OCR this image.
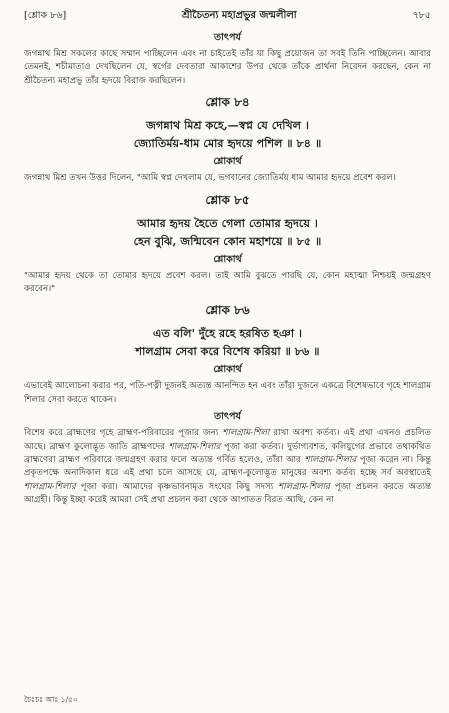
[শ্লোক ৮৬]	শ্রীচৈতন্য মহাপ্রভুর জন্মলীলা	৭৮৫
তাৎপর্য

জগন্নাথ মিশ্র সকলের কাছে সম্মান পাচ্ছিলেন এবং না চাইতেই তাঁর যা কিছু প্রয়োজন তা সবই তিনি পাচ্ছিলেন। আবার তেমনই, শচীমাতাও দেখছিলেন যে, স্বর্গের দেবতারা আকাশের উপর থেকে তাঁকে প্রার্থনা নিবেদন করছেন, কেন না শ্রীচৈতন্য মহাপ্রভু তাঁর হৃদয়ে বিরাজ করছিলেন।

শ্লোক ৮৪
জগন্নাথ মিশ্র কহে,—স্বপ্ন যে দেখিল ।
জ্যোতির্ময়-ধাম মোর হৃদয়ে পশিল ॥ ৮৪ ॥
শ্লোকার্থ

জগন্নাথ মিশ্র তখন উত্তর দিলেন, "আমি স্বপ্ন দেখলাম যে, ভগবানের জ্যোতির্ময় ধাম আমার হৃদয়ে প্রবেশ করল।

শ্লোক ৮৫
আমার হৃদয় হৈতে গেলা তোমার হৃদয়ে ।
হেন বুঝি, জন্মিবেন কোন মহাশয়ে ॥ ৮৫ ॥
শ্লোকার্থ

"আমার হৃদয় থেকে তা তোমার হৃদয়ে প্রবেশ করল। তাই আমি বুঝতে পারছি যে, কোন মহাত্মা নিশ্চয়ই জন্মগ্রহণ করবেন।"

শ্লোক ৮৬
এত বলি' দুঁহে রহে হরষিত হঞা ।
শালগ্রাম সেবা করে বিশেষ করিয়া ॥ ৮৬ ॥
শ্লোকার্থ

এভাবেই আলোচনা করার পর, পতি-পত্নী দুজনই অত্যন্ত আনন্দিত হন এবং তাঁরা দুজনে একত্রে বিশেষভাবে গৃহে শালগ্রাম শিলার সেবা করতে থাকেন।

তাৎপর্য

বিশেষ করে ব্রাহ্মণের গৃহে ব্রাহ্মণ-পরিবারের পূজার জন্য শালগ্রাম-শিলা রাখা অবশ্য কর্তব্য। এই প্রথা এখনও প্রচলিত আছে। ব্রাহ্মণ কুলোদ্ভূত জাতি ব্রাহ্মণদের শালগ্রাম-শিলার পূজা করা কর্তব্য। দুর্ভাগ্যবশত, কলিযুগের প্রভাবে তথাকথিত ব্রাহ্মণেরা ব্রাহ্মণ পরিবারে জন্মগ্রহণ করার ফলে অত্যন্ত গর্বিত হলেও, তাঁরা আর শালগ্রাম-শিলার পূজা করেন না। কিন্তু প্রকৃতপক্ষে অনাদিকাল ধরে এই প্রথা চলে আসছে যে, ব্রাহ্মণ-কুলোদ্ভূত মানুষের অবশ্য কর্তব্য হচ্ছে সর্ব অবস্থাতেই শালগ্রাম-শিলার পূজা করা। আমাদের কৃষ্ণভাবনামৃত সংঘের কিছু সদস্য শালগ্রাম-শিলার পূজা প্রচলন করতে অত্যন্ত আগ্রহী। কিন্তু ইচ্ছা করেই আমরা সেই প্রথা প্রচলন করা থেকে আপাতত বিরত আছি, কেন না

চৈঃচঃ আঃ ১/৫০
